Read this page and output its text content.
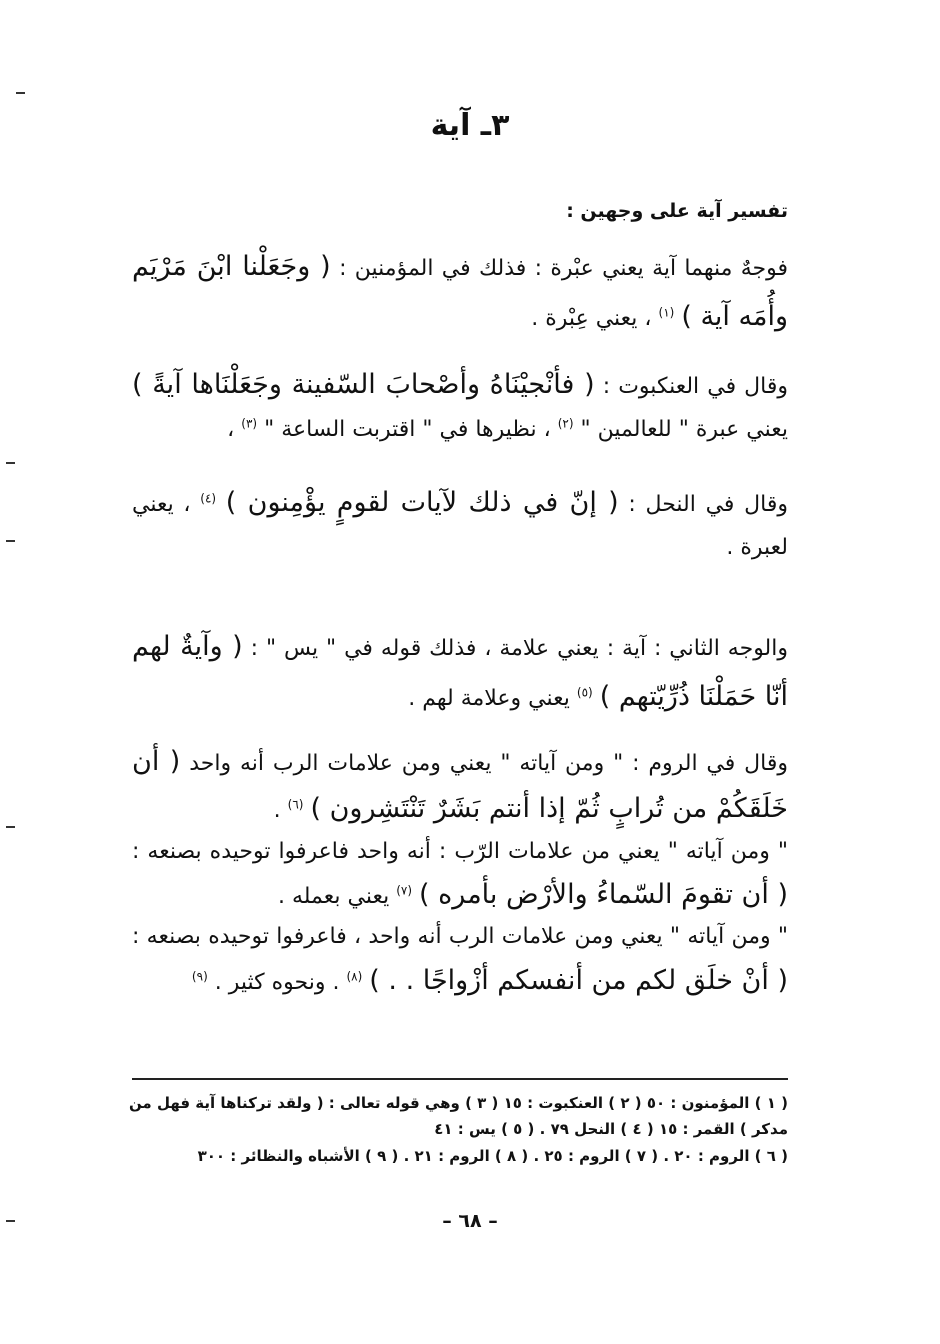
٣ـ آية
تفسير آية على وجهين :

فوجهٌ منهما آية يعني عبْرة : فذلك في المؤمنين : ( وجَعَلْنا ابْنَ مَرْيَم وأُمَه آية ) $^{(١)}$ ، يعني عِبْرة .

وقال في العنكبوت : ( فأنْجيْنَاهُ وأصْحابَ السّفينة وجَعَلْنَاها آيةً ) يعني عبرة " للعالمين " $^{(٢)}$ ، نظيرها في " اقتربت الساعة " $^{(٣)}$ ،

وقال في النحل : ( إنّ في ذلك لآيات لقومٍ يؤْمِنون ) $^{(٤)}$ ، يعني لعبرة .

والوجه الثاني : آية : يعني علامة ، فذلك قوله في " يس " : ( وآيةٌ لهم أنّا حَمَلْنَا ذُرِّيّتهم ) $^{(٥)}$ يعني وعلامة لهم .

وقال في الروم : " ومن آياته " يعني ومن علامات الرب أنه واحد ( أن خَلَقَكُمْ من تُرابٍ ثُمّ إذا أنتم بَشَرٌ تَنْتَشِرون ) $^{(٦)}$ .
" ومن آياته " يعني من علامات الرّب : أنه واحد فاعرفوا توحيده بصنعه : ( أن تقومَ السّماءُ والأرْض بأمره ) $^{(٧)}$ يعني بعمله .
" ومن آياته " يعني ومن علامات الرب أنه واحد ، فاعرفوا توحيده بصنعه : ( أنْ خلَق لكم من أنفسكم أزْواجًا . . ) $^{(٨)}$ . ونحوه كثير . $^{(٩)}$

( ١ ) المؤمنون : ٥٠ ( ٢ ) العنكبوت : ١٥ ( ٣ ) وهي قوله تعالى : ( ولقد تركناها آية فهل من
مدكر ) القمر : ١٥ ( ٤ ) النحل ٧٩ . ( ٥ ) يس : ٤١
( ٦ ) الروم : ٢٠ . ( ٧ ) الروم : ٢٥ . ( ٨ ) الروم : ٢١ . ( ٩ ) الأشباه والنظائر : ٣٠٠
– ٦٨ –
